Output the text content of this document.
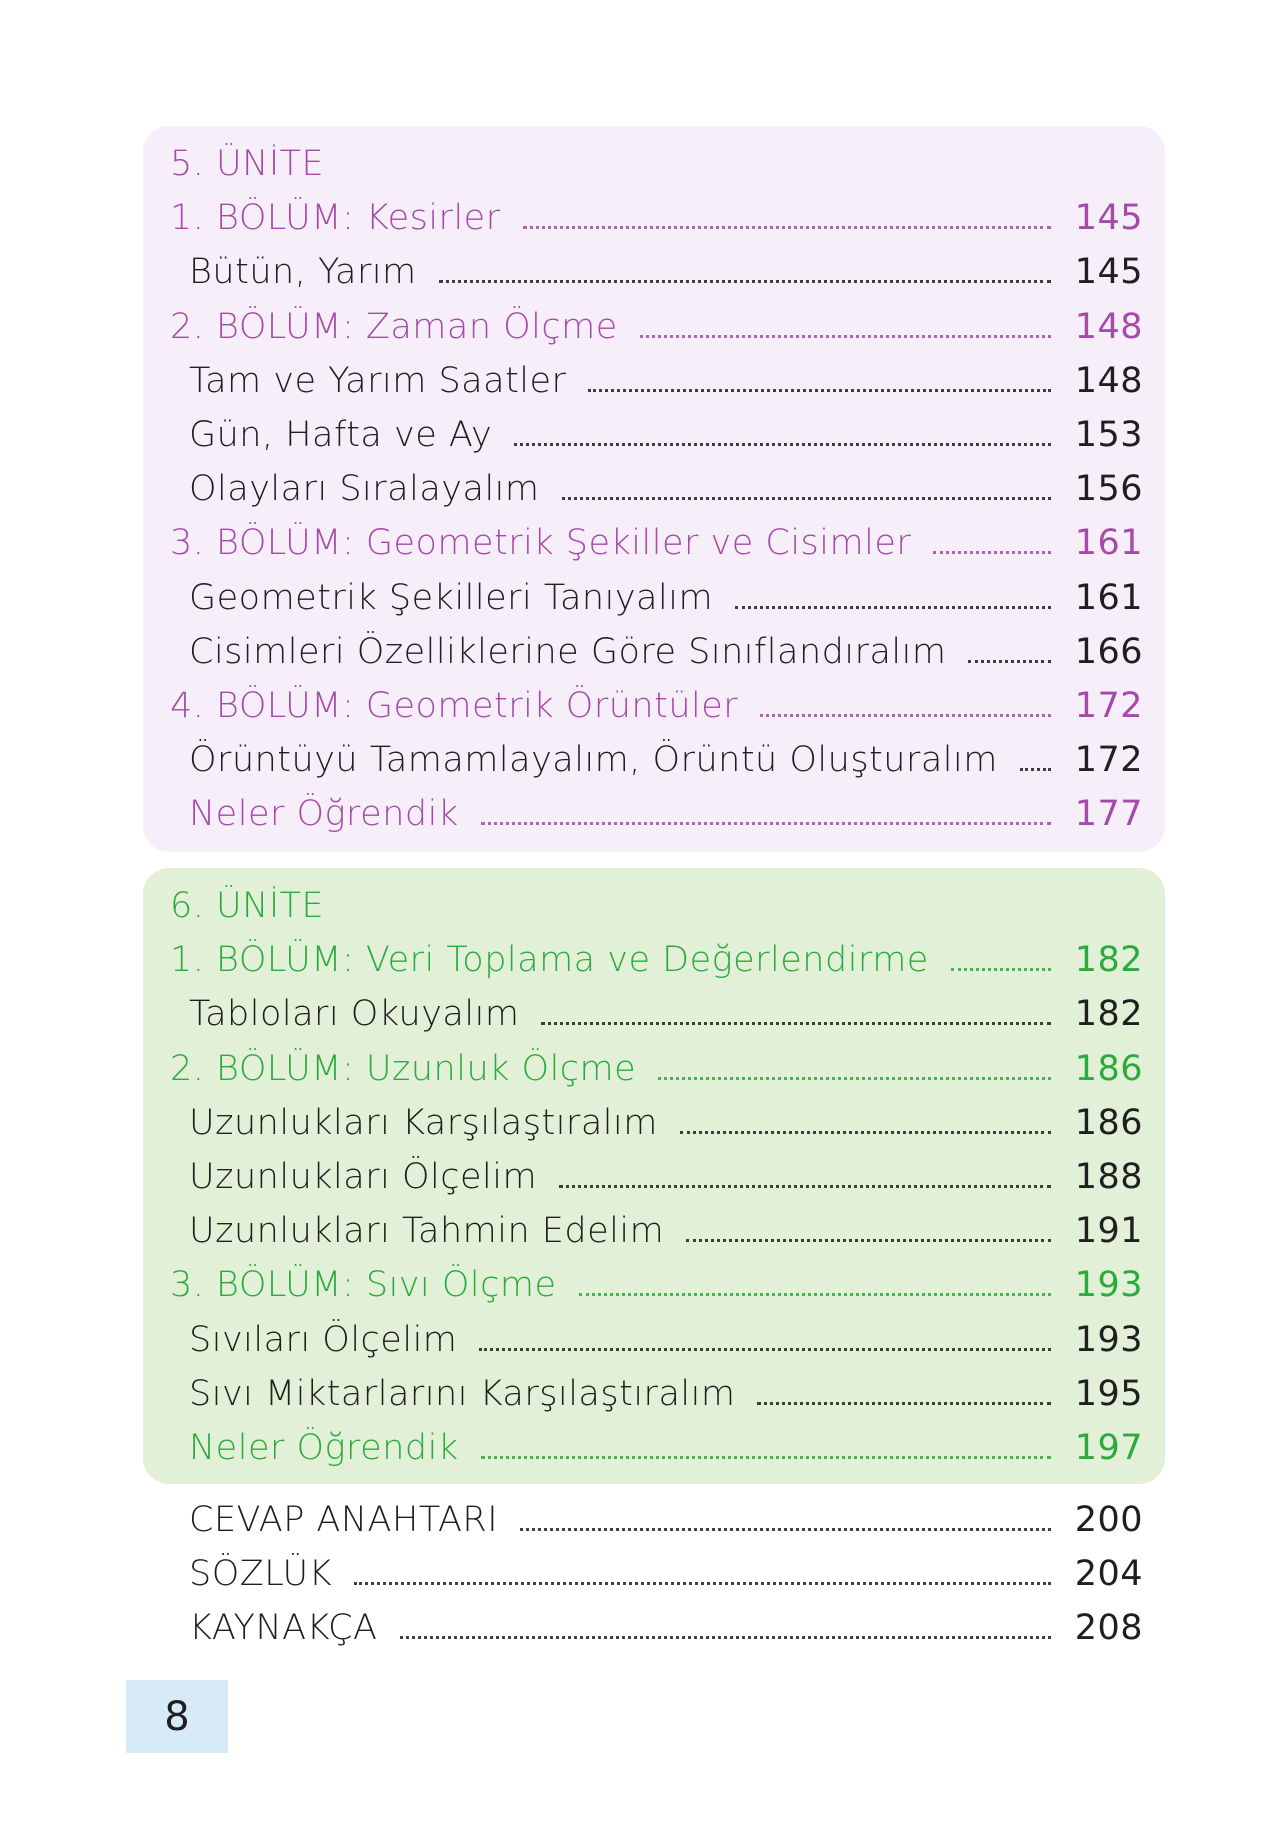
5. ÜNİTE
1. BÖLÜM: Kesirler	145
Bütün, Yarım	145
2. BÖLÜM: Zaman Ölçme	148
Tam ve Yarım Saatler	148
Gün, Hafta ve Ay	153
Olayları Sıralayalım	156
3. BÖLÜM: Geometrik Şekiller ve Cisimler	161
Geometrik Şekilleri Tanıyalım	161
Cisimleri Özelliklerine Göre Sınıflandıralım	166
4. BÖLÜM: Geometrik Örüntüler	172
Örüntüyü Tamamlayalım, Örüntü Oluşturalım 172
Neler Öğrendik	177
6. ÜNİTE
1. BÖLÜM: Veri Toplama ve Değerlendirme	182
Tabloları Okuyalım	182
2. BÖLÜM: Uzunluk Ölçme	186
Uzunlukları Karşılaştıralım	186
Uzunlukları Ölçelim	188
Uzunlukları Tahmin Edelim	191
3. BÖLÜM: Sıvı Ölçme	193
Sıvıları Ölçelim	193
Sıvı Miktarlarını Karşılaştıralım	195
Neler Öğrendik	197
CEVAP ANAHTARI	200
SÖZLÜK	204
KAYNAKÇA	208
8
